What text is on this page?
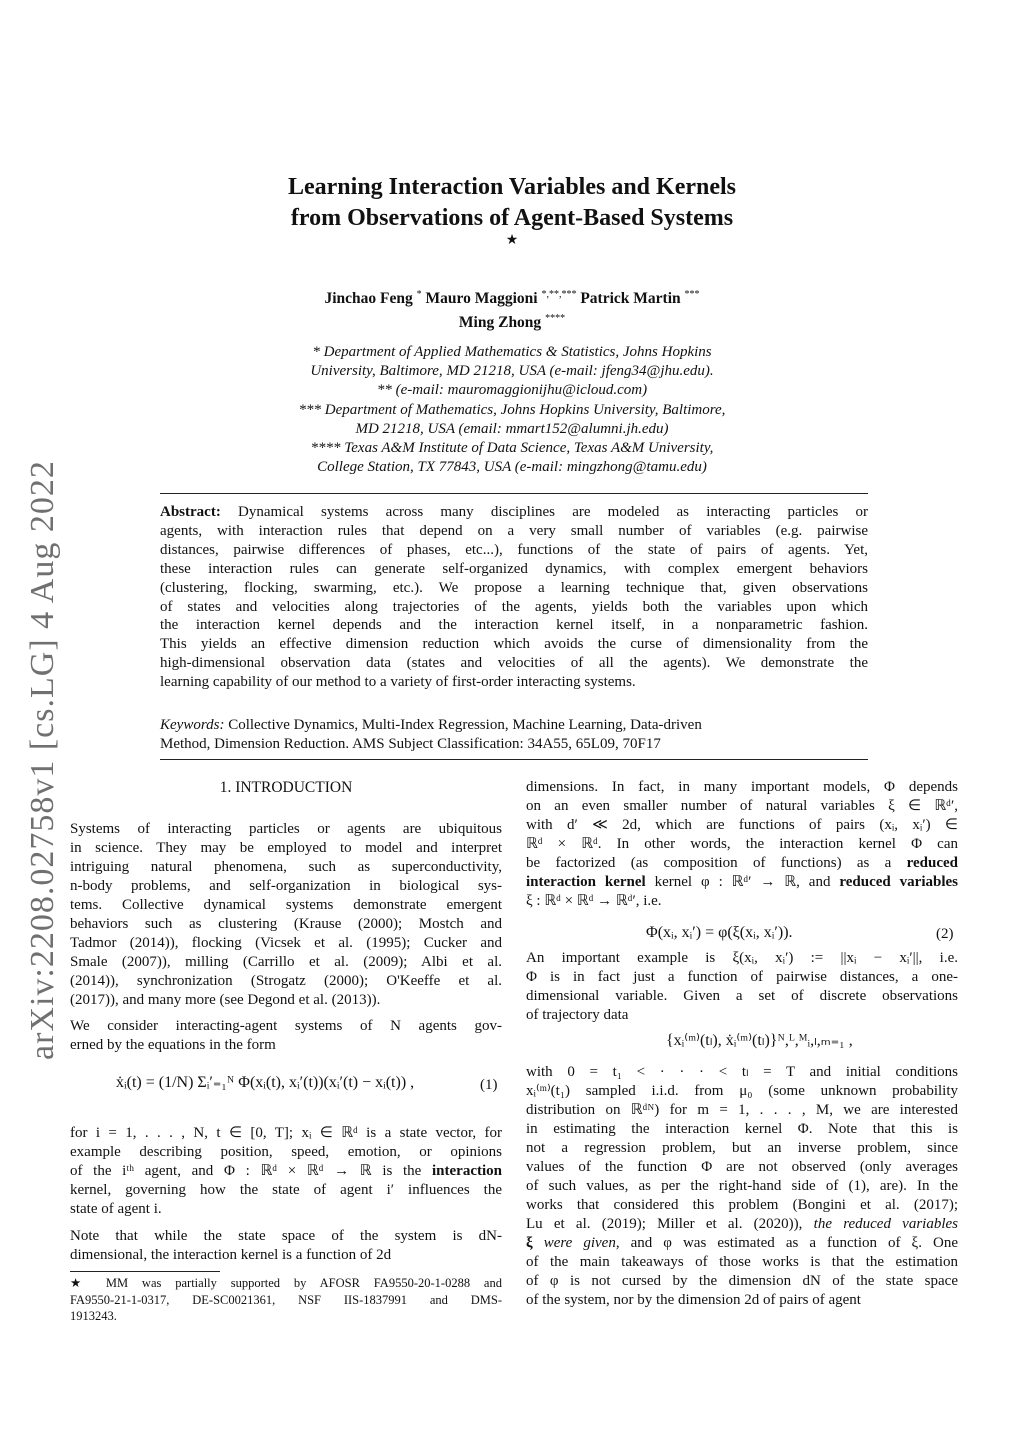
arXiv:2208.02758v1 [cs.LG] 4 Aug 2022
Learning Interaction Variables and Kernels
from Observations of Agent-Based Systems
★
Jinchao Feng * Mauro Maggioni *,**,*** Patrick Martin ***
Ming Zhong ****
* Department of Applied Mathematics & Statistics, Johns Hopkins
University, Baltimore, MD 21218, USA (e-mail: jfeng34@jhu.edu).
** (e-mail: mauromaggionijhu@icloud.com)
*** Department of Mathematics, Johns Hopkins University, Baltimore,
MD 21218, USA (email: mmart152@alumni.jh.edu)
**** Texas A&M Institute of Data Science, Texas A&M University,
College Station, TX 77843, USA (e-mail: mingzhong@tamu.edu)
Abstract: Dynamical systems across many disciplines are modeled as interacting particles or
agents, with interaction rules that depend on a very small number of variables (e.g. pairwise
distances, pairwise differences of phases, etc...), functions of the state of pairs of agents. Yet,
these interaction rules can generate self-organized dynamics, with complex emergent behaviors
(clustering, flocking, swarming, etc.). We propose a learning technique that, given observations
of states and velocities along trajectories of the agents, yields both the variables upon which
the interaction kernel depends and the interaction kernel itself, in a nonparametric fashion.
This yields an effective dimension reduction which avoids the curse of dimensionality from the
high-dimensional observation data (states and velocities of all the agents). We demonstrate the
learning capability of our method to a variety of first-order interacting systems.
Keywords: Collective Dynamics, Multi-Index Regression, Machine Learning, Data-driven
Method, Dimension Reduction. AMS Subject Classification: 34A55, 65L09, 70F17
1. INTRODUCTION
Systems of interacting particles or agents are ubiquitous
in science. They may be employed to model and interpret
intriguing natural phenomena, such as superconductivity,
n-body problems, and self-organization in biological sys-
tems. Collective dynamical systems demonstrate emergent
behaviors such as clustering (Krause (2000); Mostch and
Tadmor (2014)), flocking (Vicsek et al. (1995); Cucker and
Smale (2007)), milling (Carrillo et al. (2009); Albi et al.
(2014)), synchronization (Strogatz (2000); O'Keeffe et al.
(2017)), and many more (see Degond et al. (2013)).
We consider interacting-agent systems of N agents gov-
erned by the equations in the form
ẋᵢ(t) = (1/N) Σᵢ′₌₁ᴺ Φ(xᵢ(t), xᵢ′(t))(xᵢ′(t) − xᵢ(t)) ,	(1)
for i = 1, . . . , N, t ∈ [0, T]; xᵢ ∈ ℝᵈ is a state vector, for
example describing position, speed, emotion, or opinions
of the iᵗʰ agent, and Φ : ℝᵈ × ℝᵈ → ℝ is the interaction
kernel, governing how the state of agent i′ influences the
state of agent i.
Note that while the state space of the system is dN-
dimensional, the interaction kernel is a function of 2d
★ MM was partially supported by AFOSR FA9550-20-1-0288 and
FA9550-21-1-0317, DE-SC0021361, NSF IIS-1837991 and DMS-
1913243.
dimensions. In fact, in many important models, Φ depends
on an even smaller number of natural variables ξ ∈ ℝᵈ′,
with d′ ≪ 2d, which are functions of pairs (xᵢ, xᵢ′) ∈
ℝᵈ × ℝᵈ. In other words, the interaction kernel Φ can
be factorized (as composition of functions) as a reduced
interaction kernel kernel φ : ℝᵈ′ → ℝ, and reduced variables
ξ : ℝᵈ × ℝᵈ → ℝᵈ′, i.e.
Φ(xᵢ, xᵢ′) = φ(ξ(xᵢ, xᵢ′)).	(2)
An important example is ξ(xᵢ, xᵢ′) := ||xᵢ − xᵢ′||, i.e.
Φ is in fact just a function of pairwise distances, a one-
dimensional variable. Given a set of discrete observations
of trajectory data
{xᵢ⁽ᵐ⁾(tₗ), ẋᵢ⁽ᵐ⁾(tₗ)}ᴺ,ᴸ,ᴹᵢ,ₗ,ₘ₌₁ ,
with 0 = t₁ < · · · < tₗ = T and initial conditions
xᵢ⁽ᵐ⁾(t₁) sampled i.i.d. from μ₀ (some unknown probability
distribution on ℝᵈᴺ) for m = 1, . . . , M, we are interested
in estimating the interaction kernel Φ. Note that this is
not a regression problem, but an inverse problem, since
values of the function Φ are not observed (only averages
of such values, as per the right-hand side of (1), are). In the
works that considered this problem (Bongini et al. (2017);
Lu et al. (2019); Miller et al. (2020)), the reduced variables
ξ were given, and φ was estimated as a function of ξ. One
of the main takeaways of those works is that the estimation
of φ is not cursed by the dimension dN of the state space
of the system, nor by the dimension 2d of pairs of agent
